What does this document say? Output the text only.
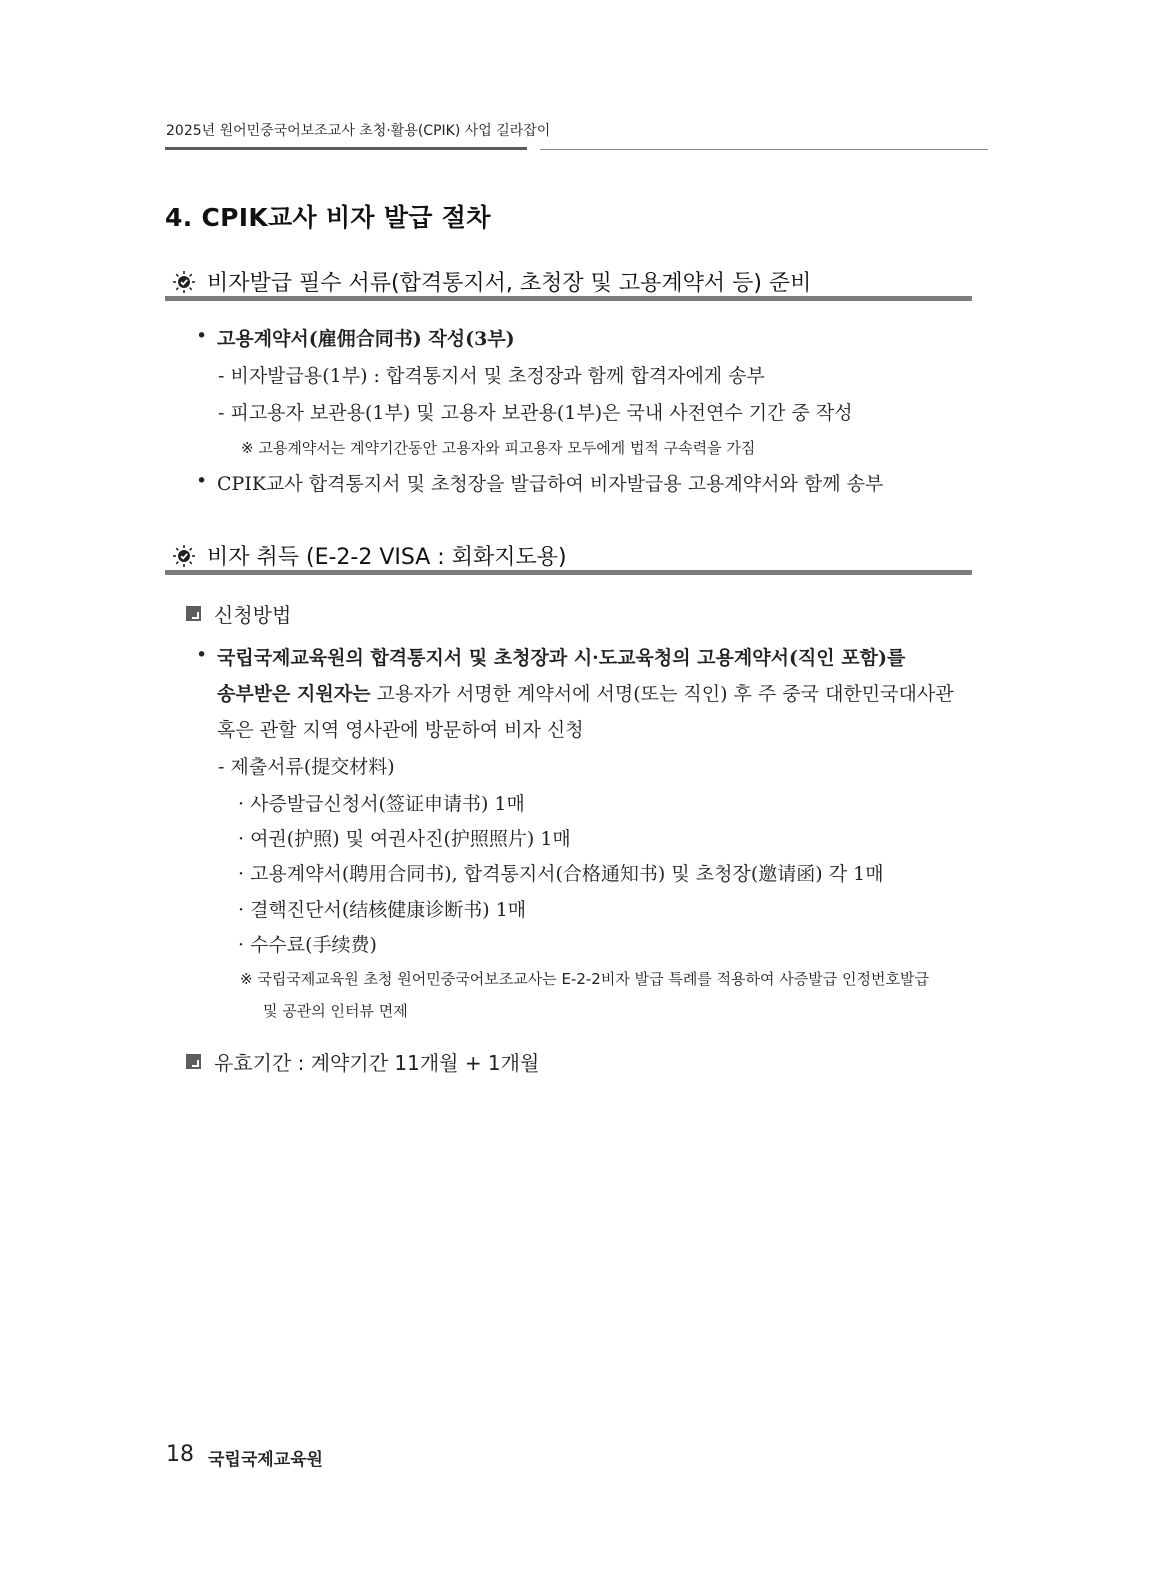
2025년 원어민중국어보조교사 초청·활용(CPIK) 사업 길라잡이
4. CPIK교사 비자 발급 절차
비자발급 필수 서류(합격통지서, 초청장 및 고용계약서 등) 준비
• 고용계약서(雇佣合同书) 작성(3부)
- 비자발급용(1부) : 합격통지서 및 초정장과 함께 합격자에게 송부
- 피고용자 보관용(1부) 및 고용자 보관용(1부)은 국내 사전연수 기간 중 작성
※ 고용계약서는 계약기간동안 고용자와 피고용자 모두에게 법적 구속력을 가짐
• CPIK교사 합격통지서 및 초청장을 발급하여 비자발급용 고용계약서와 함께 송부
비자 취득 (E-2-2 VISA : 회화지도용)
신청방법
• 국립국제교육원의 합격통지서 및 초청장과 시·도교육청의 고용계약서(직인 포함)를
송부받은 지원자는 고용자가 서명한 계약서에 서명(또는 직인) 후 주 중국 대한민국대사관
혹은 관할 지역 영사관에 방문하여 비자 신청
- 제출서류(提交材料)
· 사증발급신청서(签证申请书) 1매
· 여권(护照) 및 여권사진(护照照片) 1매
· 고용계약서(聘用合同书), 합격통지서(合格通知书) 및 초청장(邀请函) 각 1매
· 결핵진단서(结核健康诊断书) 1매
· 수수료(手续费)
※ 국립국제교육원 초청 원어민중국어보조교사는 E-2-2비자 발급 특례를 적용하여 사증발급 인정번호발급
및 공관의 인터뷰 면제
유효기간 : 계약기간 11개월 + 1개월
18 국립국제교육원
